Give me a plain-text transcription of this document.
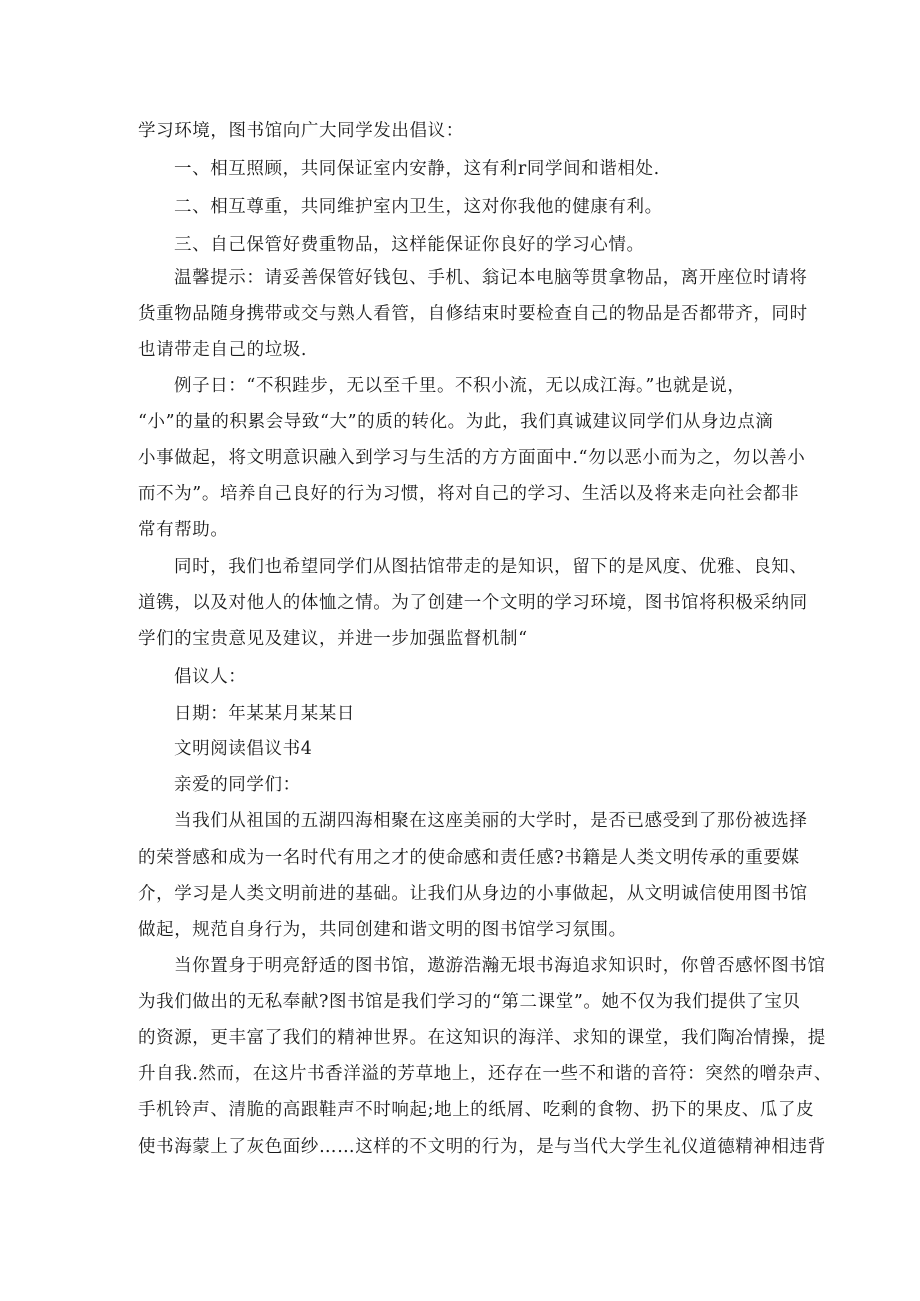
学习环境，图书馆向广大同学发出倡议：
一、相互照顾，共同保证室内安静，这有利r同学间和谐相处.
二、相互尊重，共同维护室内卫生，这对你我他的健康有利。
三、自己保管好费重物品，这样能保证你良好的学习心情。
温馨提示：请妥善保管好钱包、手机、翁记本电脑等贯拿物品，离开座位时请将
货重物品随身携带或交与熟人看管，自修结束时要检查自己的物品是否都带齐，同时
也请带走自己的垃圾.
例子日：“不积跬步，无以至千里。不积小流，无以成江海。”也就是说，
“小”的量的积累会导致“大”的质的转化。为此，我们真诚建议同学们从身边点滴
小事做起，将文明意识融入到学习与生活的方方面面中.“勿以恶小而为之，勿以善小
而不为”。培养自己良好的行为习惯，将对自己的学习、生活以及将来走向社会都非
常有帮助。
同时，我们也希望同学们从图拈馆带走的是知识，留下的是风度、优雅、良知、
道镌，以及对他人的体恤之情。为了创建一个文明的学习环境，图书馆将积极采纳同
学们的宝贵意见及建议，并进一步加强监督机制“
倡议人：
日期：年某某月某某日
文明阅读倡议书4
亲爱的同学们：
当我们从祖国的五湖四海相聚在这座美丽的大学时，是否已感受到了那份被选择
的荣誉感和成为一名时代有用之才的使命感和责任感?书籍是人类文明传承的重要媒
介，学习是人类文明前进的基础。让我们从身边的小事做起，从文明诚信使用图书馆
做起，规范自身行为，共同创建和谐文明的图书馆学习氛围。
当你置身于明亮舒适的图书馆，遨游浩瀚无垠书海追求知识时，你曾否感怀图书馆
为我们做出的无私奉献?图书馆是我们学习的“第二课堂”。她不仅为我们提供了宝贝
的资源，更丰富了我们的精神世界。在这知识的海洋、求知的课堂，我们陶冶情操，提
升自我.然而，在这片书香洋溢的芳草地上，还存在一些不和谐的音符：突然的噌杂声、
手机铃声、清脆的高跟鞋声不时响起;地上的纸屑、吃剩的食物、扔下的果皮、瓜了皮
使书海蒙上了灰色面纱……这样的不文明的行为，是与当代大学生礼仪道德精神相违背
